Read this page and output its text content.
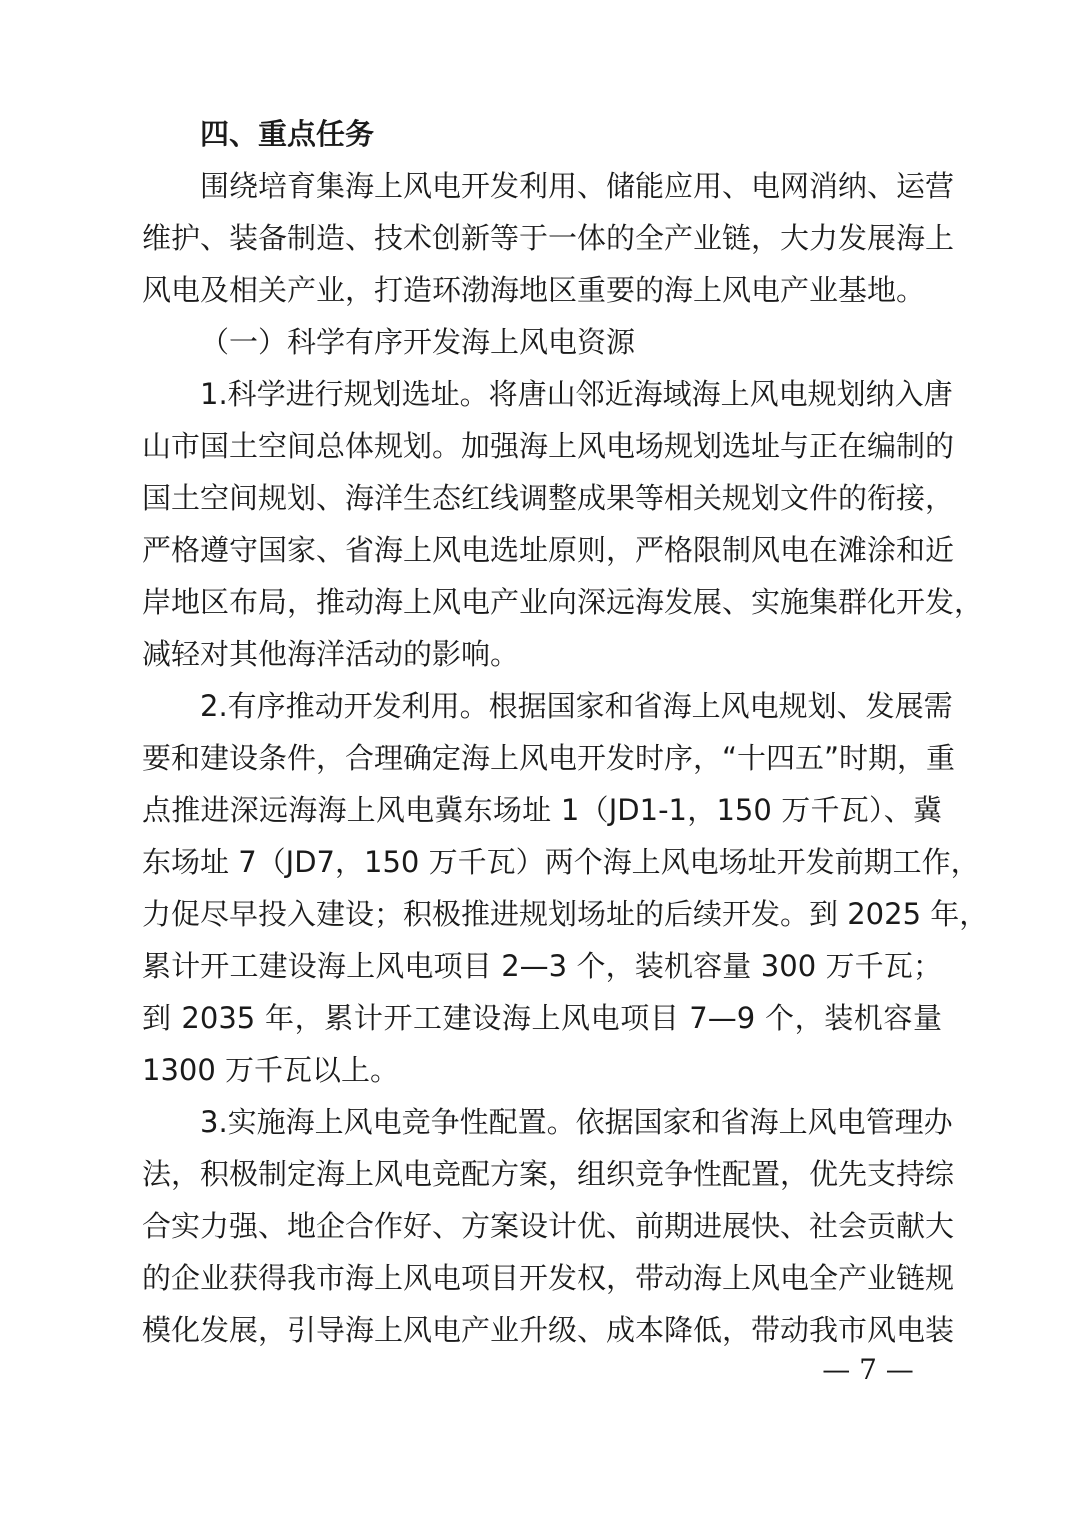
四、重点任务
围绕培育集海上风电开发利用、储能应用、电网消纳、运营
维护、装备制造、技术创新等于一体的全产业链，大力发展海上
风电及相关产业，打造环渤海地区重要的海上风电产业基地。
（一）科学有序开发海上风电资源
1.科学进行规划选址。将唐山邻近海域海上风电规划纳入唐
山市国土空间总体规划。加强海上风电场规划选址与正在编制的
国土空间规划、海洋生态红线调整成果等相关规划文件的衔接，
严格遵守国家、省海上风电选址原则，严格限制风电在滩涂和近
岸地区布局，推动海上风电产业向深远海发展、实施集群化开发，
减轻对其他海洋活动的影响。
2.有序推动开发利用。根据国家和省海上风电规划、发展需
要和建设条件，合理确定海上风电开发时序，“十四五”时期，重
点推进深远海海上风电冀东场址 1（JD1-1，150 万千瓦）、冀
东场址 7（JD7，150 万千瓦）两个海上风电场址开发前期工作，
力促尽早投入建设；积极推进规划场址的后续开发。到 2025 年，
累计开工建设海上风电项目 2—3 个，装机容量 300 万千瓦；
到 2035 年，累计开工建设海上风电项目 7—9 个，装机容量
1300 万千瓦以上。
3.实施海上风电竞争性配置。依据国家和省海上风电管理办
法，积极制定海上风电竞配方案，组织竞争性配置，优先支持综
合实力强、地企合作好、方案设计优、前期进展快、社会贡献大
的企业获得我市海上风电项目开发权，带动海上风电全产业链规
模化发展，引导海上风电产业升级、成本降低，带动我市风电装
— 7 —
